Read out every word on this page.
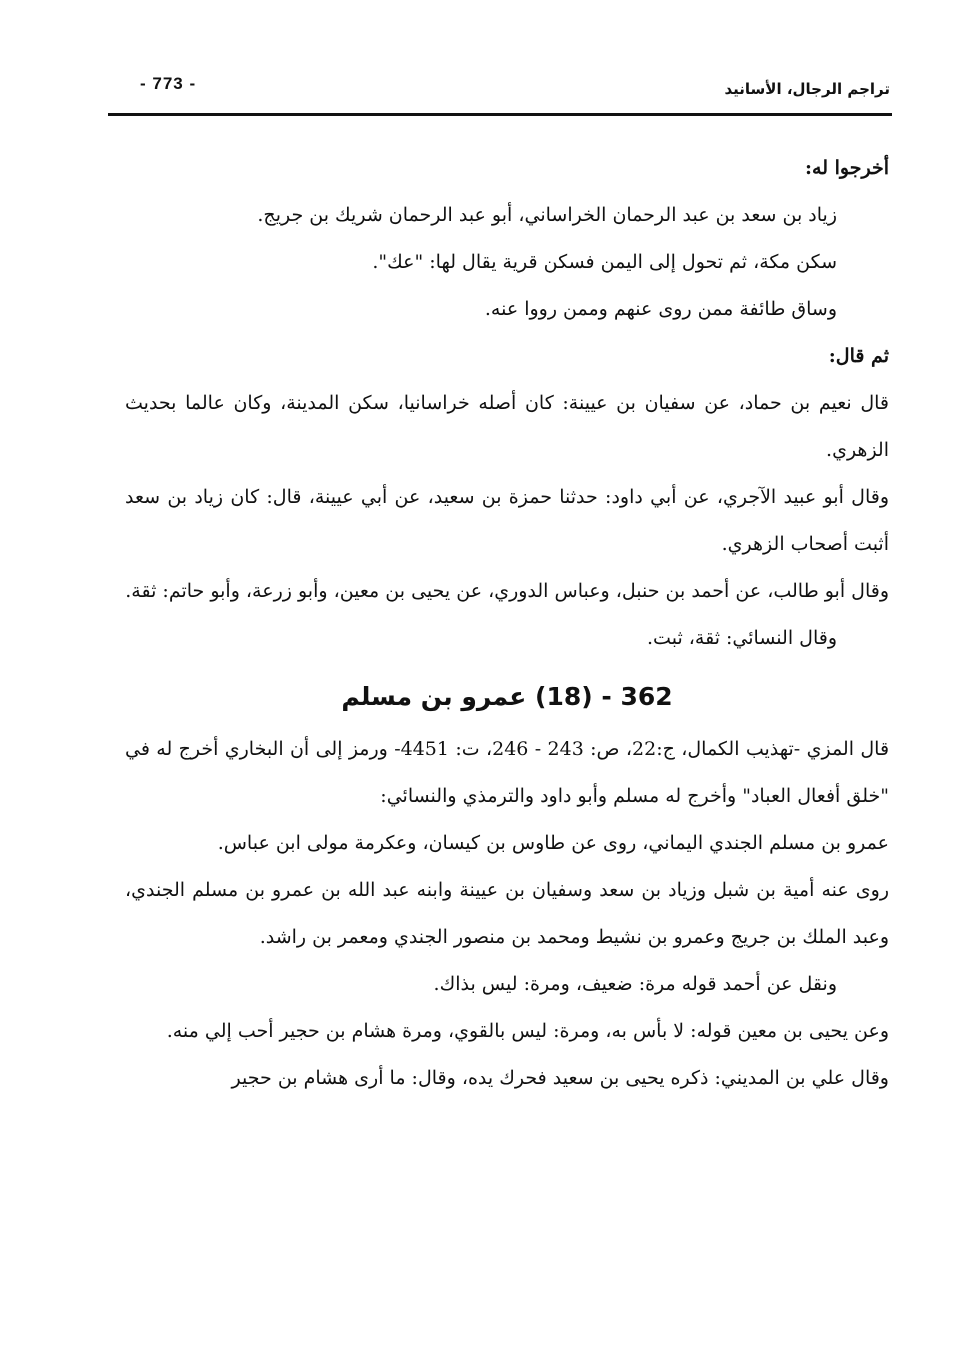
- 773 -	تراجم الرجال، الأسانيد

أخرجوا له:

زياد بن سعد بن عبد الرحمان الخراساني، أبو عبد الرحمان شريك بن جريج.

سكن مكة، ثم تحول إلى اليمن فسكن قرية يقال لها: "عك".

وساق طائفة ممن روى عنهم وممن رووا عنه.

ثم قال:

قال نعيم بن حماد، عن سفيان بن عيينة: كان أصله خراسانيا، سكن المدينة، وكان عالما بحديث الزهري.

وقال أبو عبيد الآجري، عن أبي داود: حدثنا حمزة بن سعيد، عن أبي عيينة، قال: كان زياد بن سعد أثبت أصحاب الزهري.

وقال أبو طالب، عن أحمد بن حنبل، وعباس الدوري، عن يحيى بن معين، وأبو زرعة، وأبو حاتم: ثقة.

وقال النسائي: ثقة، ثبت.

362 - (18) عمرو بن مسلم

قال المزي -تهذيب الكمال، ج:22، ص: 243 - 246، ت: 4451- ورمز إلى أن البخاري أخرج له في "خلق أفعال العباد" وأخرج له مسلم وأبو داود والترمذي والنسائي:

عمرو بن مسلم الجندي اليماني، روى عن طاوس بن كيسان، وعكرمة مولى ابن عباس.

روى عنه أمية بن شبل وزياد بن سعد وسفيان بن عيينة وابنه عبد الله بن عمرو بن مسلم الجندي، وعبد الملك بن جريج وعمرو بن نشيط ومحمد بن منصور الجندي ومعمر بن راشد.

ونقل عن أحمد قوله مرة: ضعيف، ومرة: ليس بذاك.

وعن يحيى بن معين قوله: لا بأس به، ومرة: ليس بالقوي، ومرة هشام بن حجير أحب إلي منه.

وقال علي بن المديني: ذكره يحيى بن سعيد فحرك يده، وقال: ما أرى هشام بن حجير
